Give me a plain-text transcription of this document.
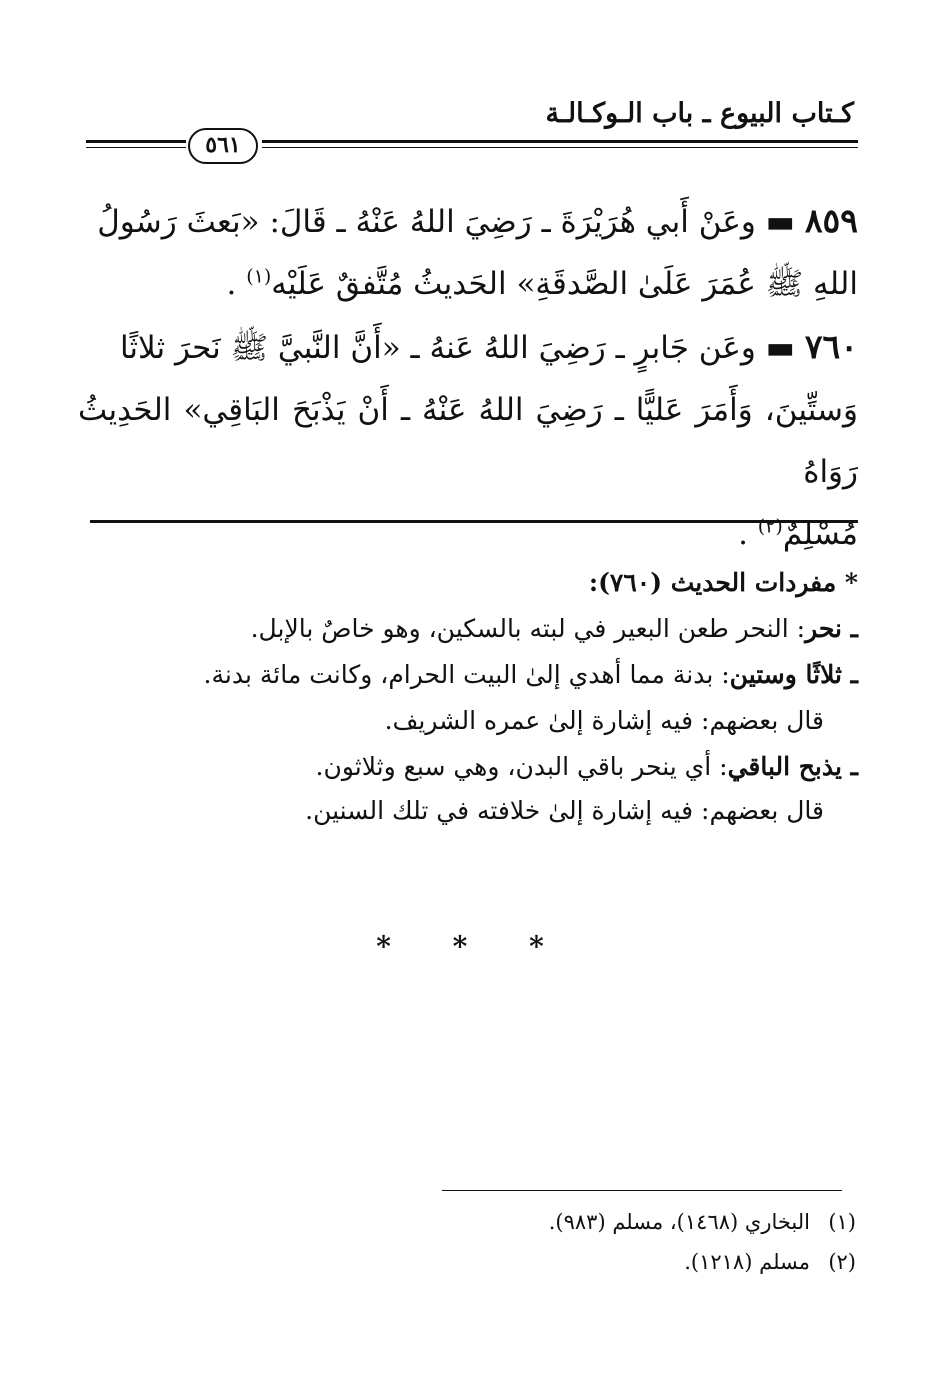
كـتاب البيوع ـ باب الـوكـالـة
٥٦١
٨٥٩ ▬ وعَنْ أَبي هُرَيْرَةَ ـ رَضِيَ اللهُ عَنْهُ ـ قَالَ: «بَعثَ رَسُولُ
اللهِ ﷺ عُمَرَ عَلَىٰ الصَّدقَةِ» الحَديثُ مُتَّفقٌ عَلَيْه$^{(١)}$ .
٧٦٠ ▬ وعَن جَابرٍ ـ رَضِيَ اللهُ عَنهُ ـ «أَنَّ النَّبيَّ ﷺ نَحرَ ثلاثًا
وَستِّينَ، وَأَمَرَ عَليًّا ـ رَضِيَ اللهُ عَنْهُ ـ أَنْ يَذْبَحَ البَاقِي» الحَدِيثُ رَوَاهُ
مُسْلِمٌ$^{(٢)}$ .
* مفردات الحديث (٧٦٠):
ـ نحر: النحر طعن البعير في لبته بالسكين، وهو خاصٌ بالإبل.
ـ ثلاثًا وستين: بدنة مما أهدي إلىٰ البيت الحرام، وكانت مائة بدنة.
قال بعضهم: فيه إشارة إلىٰ عمره الشريف.
ـ يذبح الباقي: أي ينحر باقي البدن، وهي سبع وثلاثون.
قال بعضهم: فيه إشارة إلىٰ خلافته في تلك السنين.
* * *
(١)البخاري (١٤٦٨)، مسلم (٩٨٣).
(٢)مسلم (١٢١٨).
